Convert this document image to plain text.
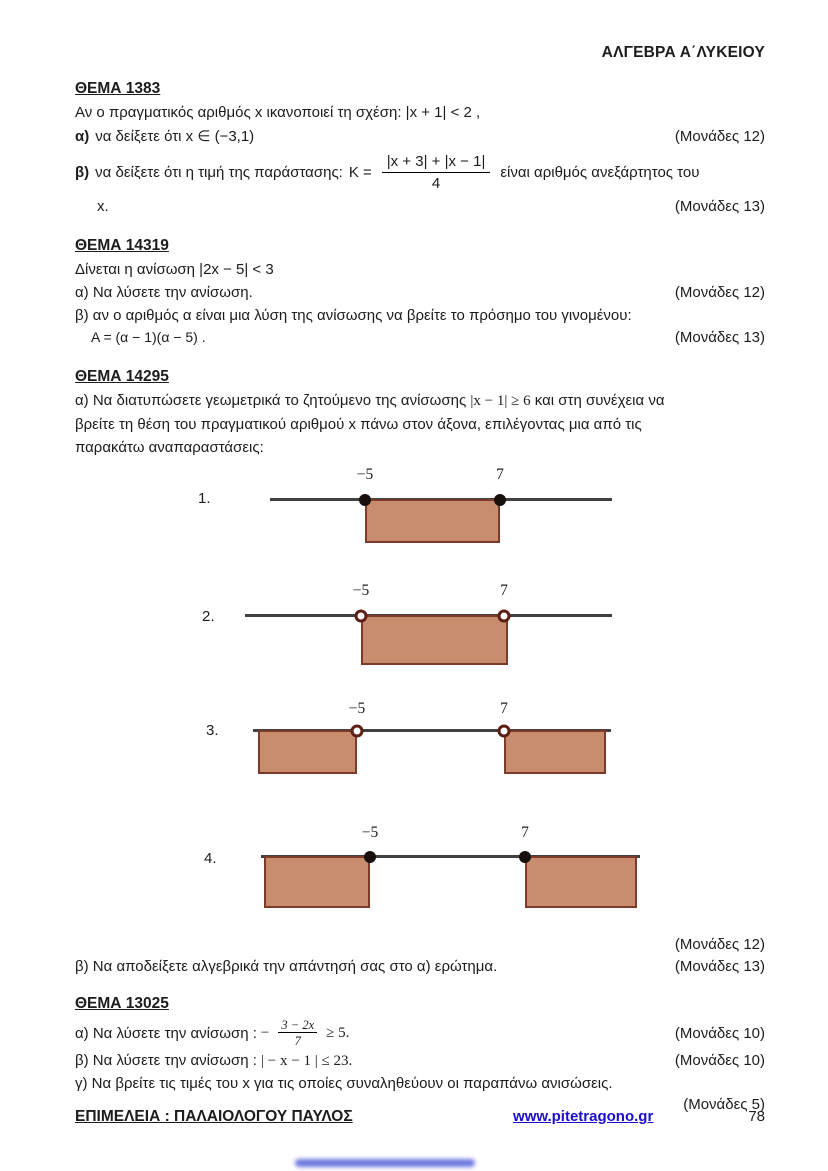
ΑΛΓΕΒΡΑ Α΄ΛΥΚΕΙΟΥ
ΘΕΜΑ 1383
Αν ο πραγματικός αριθμός x ικανοποιεί τη σχέση: |x + 1| < 2 ,
α) να δείξετε ότι x ∈ (−3,1)	(Μονάδες 12)
β) να δείξετε ότι η τιμή της παράστασης: $K = \frac{|x + 3| + |x - 1|}{4}$ είναι αριθμός ανεξάρτητος του
x.	(Μονάδες 13)
ΘΕΜΑ 14319
Δίνεται η ανίσωση |2x − 5| < 3
α) Να λύσετε την ανίσωση.	(Μονάδες 12)
β) αν ο αριθμός α είναι μια λύση της ανίσωσης να βρείτε το πρόσημο του γινομένου:
Α = (α − 1)(α − 5) .	(Μονάδες 13)
ΘΕΜΑ 14295
α) Να διατυπώσετε γεωμετρικά το ζητούμενο της ανίσωσης |x − 1| ≥ 6 και στη συνέχεια να
βρείτε τη θέση του πραγματικού αριθμού x πάνω στον άξονα, επιλέγοντας μια από τις
παρακάτω αναπαραστάσεις:
1.
−5	7
2.
−5	7
3.
−5	7
4.
−5	7
(Μονάδες 12)
β) Να αποδείξετε αλγεβρικά την απάντησή σας στο α) ερώτημα.	(Μονάδες 13)
ΘΕΜΑ 13025
α) Να λύσετε την ανίσωση : − $\frac{3 - 2x}{7} \ge 5$.	(Μονάδες 10)
β) Να λύσετε την ανίσωση : | − x − 1 | ≤ 23.	(Μονάδες 10)
γ) Να βρείτε τις τιμές του x για τις οποίες συναληθεύουν οι παραπάνω ανισώσεις.
(Μονάδες 5)
ΕΠΙΜΕΛΕΙΑ : ΠΑΛΑΙΟΛΟΓΟΥ ΠΑΥΛΟΣ	www.pitetragono.gr	78
